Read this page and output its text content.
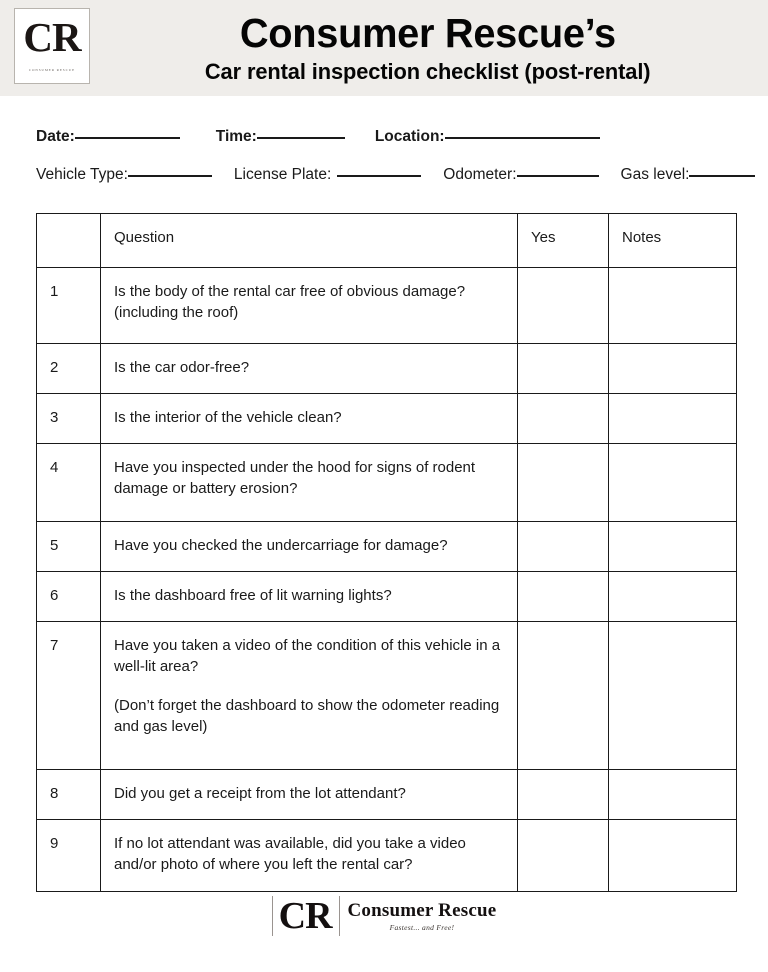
CR
CONSUMER RESCUE
Consumer Rescue’s
Car rental inspection checklist (post-rental)
Date:	Time:	Location:
Vehicle Type:	License Plate:	Odometer:	Gas level:
	Question	Yes	Notes
1	Is the body of the rental car free of obvious damage? (including the roof)		

2	Is the car odor-free?		

3	Is the interior of the vehicle clean?		

4	Have you inspected under the hood for signs of rodent damage or battery erosion?		

5	Have you checked the undercarriage for damage?		

6	Is the dashboard free of lit warning lights?		

7	Have you taken a video of the condition of this vehicle in a well-lit area?

(Don’t forget the dashboard to show the odometer reading and gas level)		

8	Did you get a receipt from the lot attendant?		

9	If no lot attendant was available, did you take a video and/or photo of where you left the rental car?		

CR Consumer Rescue
Fastest... and Free!
